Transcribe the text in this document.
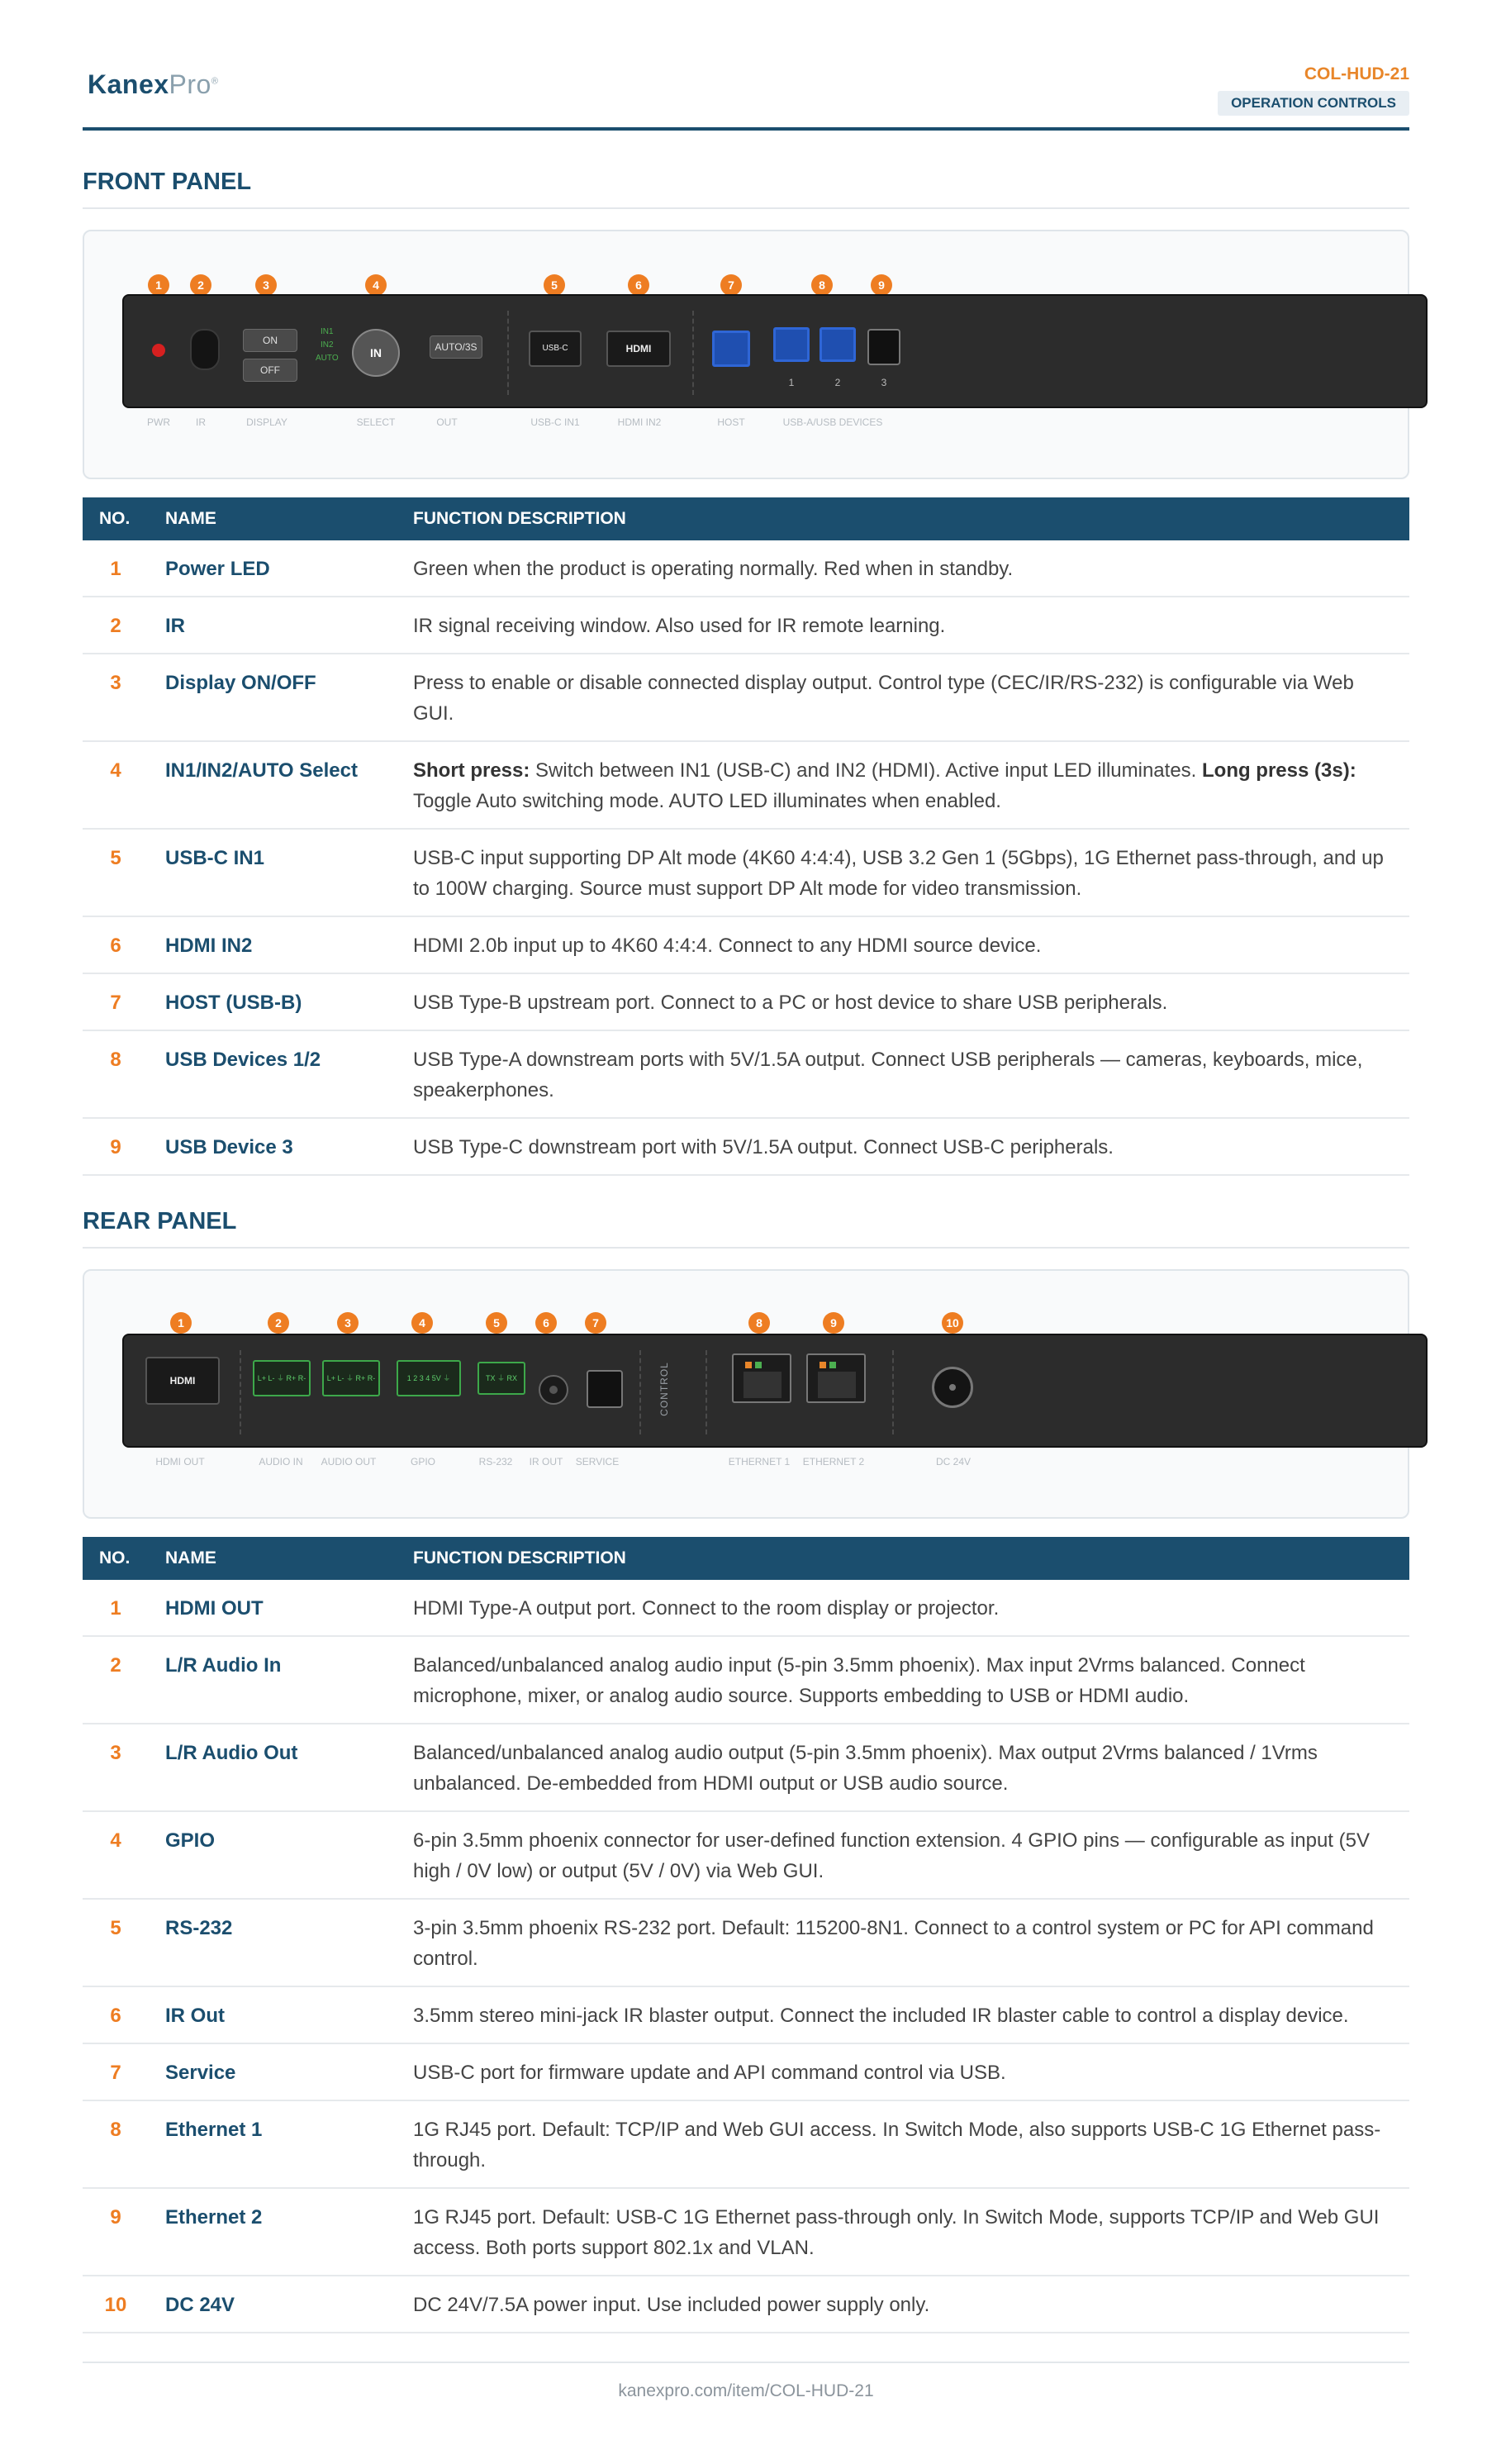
KanexPro®	COL-HUD-21
OPERATION CONTROLS
FRONT PANEL
1	2	3	4	5	6	7	8	9
ON
OFF
IN1
IN2
AUTO	IN	AUTO/3S	USB-C	HDMI
1	2	3
PWR	IR	DISPLAY	SELECT	OUT	USB-C IN1	HDMI IN2	HOST	USB-A/USB DEVICES
NO.	NAME	FUNCTION DESCRIPTION
1	Power LED	Green when the product is operating normally. Red when in standby.
2	IR	IR signal receiving window. Also used for IR remote learning.
3	Display ON/OFF	Press to enable or disable connected display output. Control type (CEC/IR/RS-232) is configurable via Web GUI.
4	IN1/IN2/AUTO Select	Short press: Switch between IN1 (USB-C) and IN2 (HDMI). Active input LED illuminates. Long press (3s): Toggle Auto switching mode. AUTO LED illuminates when enabled.
5	USB-C IN1	USB-C input supporting DP Alt mode (4K60 4:4:4), USB 3.2 Gen 1 (5Gbps), 1G Ethernet pass-through, and up to 100W charging. Source must support DP Alt mode for video transmission.
6	HDMI IN2	HDMI 2.0b input up to 4K60 4:4:4. Connect to any HDMI source device.
7	HOST (USB-B)	USB Type-B upstream port. Connect to a PC or host device to share USB peripherals.
8	USB Devices 1/2	USB Type-A downstream ports with 5V/1.5A output. Connect USB peripherals — cameras, keyboards, mice, speakerphones.
9	USB Device 3	USB Type-C downstream port with 5V/1.5A output. Connect USB-C peripherals.
REAR PANEL
1	2	3	4	5	6	7	8	9	10
HDMI	L+ L- ⏚ R+ R-	L+ L- ⏚ R+ R-	1 2 3 4 5V ⏚	TX ⏚ RX	CONTROL
HDMI OUT	AUDIO IN	AUDIO OUT	GPIO	RS-232	IR OUT	SERVICE	ETHERNET 1	ETHERNET 2	DC 24V
NO.	NAME	FUNCTION DESCRIPTION
1	HDMI OUT	HDMI Type-A output port. Connect to the room display or projector.
2	L/R Audio In	Balanced/unbalanced analog audio input (5-pin 3.5mm phoenix). Max input 2Vrms balanced. Connect microphone, mixer, or analog audio source. Supports embedding to USB or HDMI audio.
3	L/R Audio Out	Balanced/unbalanced analog audio output (5-pin 3.5mm phoenix). Max output 2Vrms balanced / 1Vrms unbalanced. De-embedded from HDMI output or USB audio source.
4	GPIO	6-pin 3.5mm phoenix connector for user-defined function extension. 4 GPIO pins — configurable as input (5V high / 0V low) or output (5V / 0V) via Web GUI.
5	RS-232	3-pin 3.5mm phoenix RS-232 port. Default: 115200-8N1. Connect to a control system or PC for API command control.
6	IR Out	3.5mm stereo mini-jack IR blaster output. Connect the included IR blaster cable to control a display device.
7	Service	USB-C port for firmware update and API command control via USB.
8	Ethernet 1	1G RJ45 port. Default: TCP/IP and Web GUI access. In Switch Mode, also supports USB-C 1G Ethernet pass-through.
9	Ethernet 2	1G RJ45 port. Default: USB-C 1G Ethernet pass-through only. In Switch Mode, supports TCP/IP and Web GUI access. Both ports support 802.1x and VLAN.
10	DC 24V	DC 24V/7.5A power input. Use included power supply only.
kanexpro.com/item/COL-HUD-21
